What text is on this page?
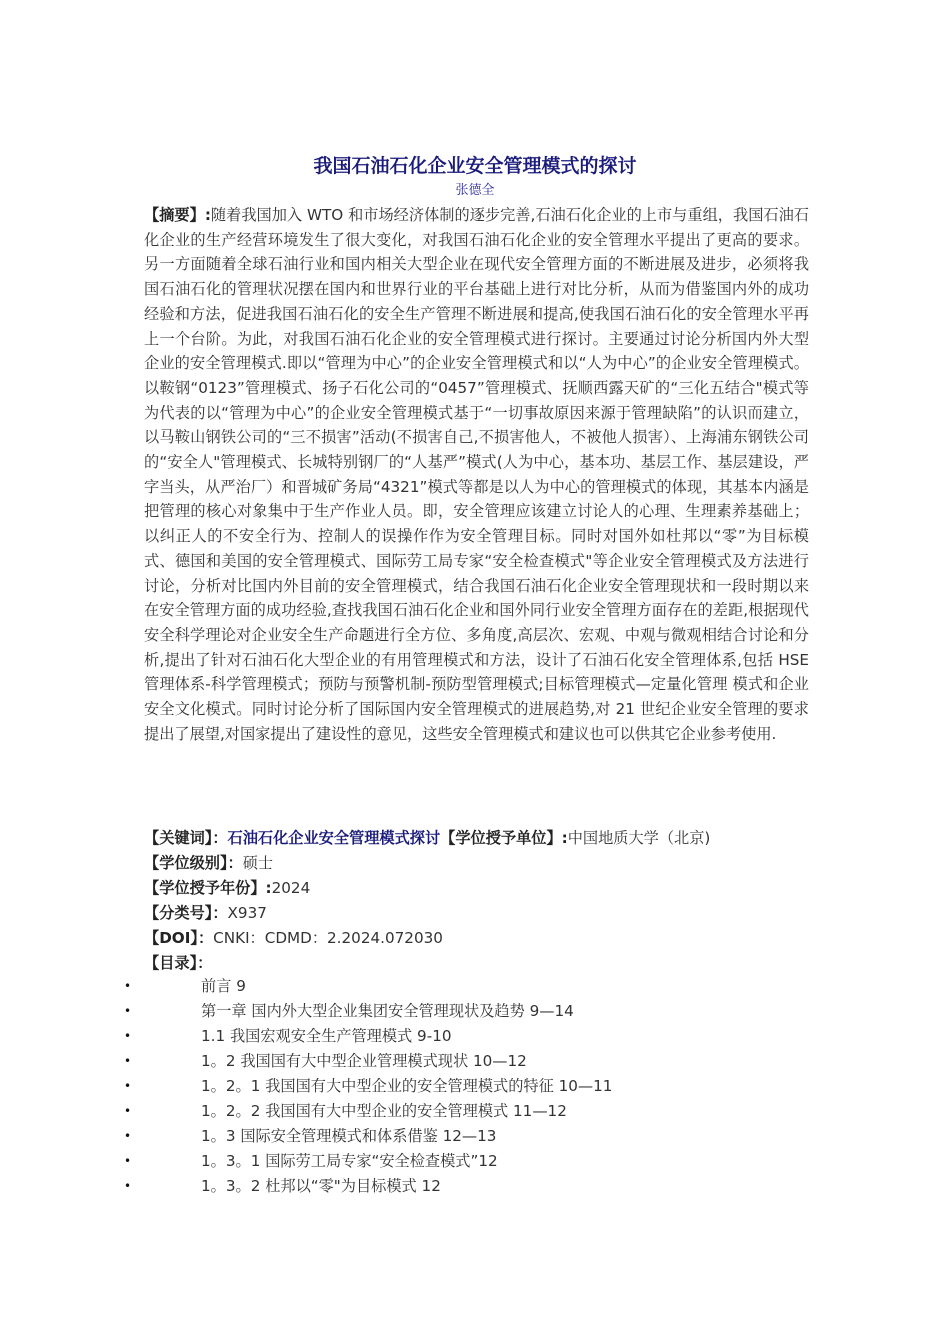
我国石油石化企业安全管理模式的探讨
张德全
【摘要】:随着我国加入 WTO 和市场经济体制的逐步完善,石油石化企业的上市与重组，我国石油石化企业的生产经营环境发生了很大变化，对我国石油石化企业的安全管理水平提出了更高的要求。另一方面随着全球石油行业和国内相关大型企业在现代安全管理方面的不断进展及进步，必须将我国石油石化的管理状况摆在国内和世界行业的平台基础上进行对比分析，从而为借鉴国内外的成功经验和方法，促进我国石油石化的安全生产管理不断进展和提高,使我国石油石化的安全管理水平再上一个台阶。为此，对我国石油石化企业的安全管理模式进行探讨。主要通过讨论分析国内外大型企业的安全管理模式.即以“管理为中心”的企业安全管理模式和以“人为中心”的企业安全管理模式。以鞍钢“0123”管理模式、扬子石化公司的“0457”管理模式、抚顺西露天矿的“三化五结合"模式等为代表的以“管理为中心”的企业安全管理模式基于“一切事故原因来源于管理缺陷”的认识而建立，以马鞍山钢铁公司的“三不损害”活动(不损害自己,不损害他人，不被他人损害）、上海浦东钢铁公司的“安全人"管理模式、长城特别钢厂的“人基严”模式(人为中心，基本功、基层工作、基层建设，严字当头，从严治厂）和晋城矿务局“4321”模式等都是以人为中心的管理模式的体现，其基本内涵是把管理的核心对象集中于生产作业人员。即，安全管理应该建立讨论人的心理、生理素养基础上；以纠正人的不安全行为、控制人的误操作作为安全管理目标。同时对国外如杜邦以“零”为目标模式、德国和美国的安全管理模式、国际劳工局专家“安全检查模式"等企业安全管理模式及方法进行讨论，分析对比国内外目前的安全管理模式，结合我国石油石化企业安全管理现状和一段时期以来在安全管理方面的成功经验,查找我国石油石化企业和国外同行业安全管理方面存在的差距,根据现代安全科学理论对企业安全生产命题进行全方位、多角度,高层次、宏观、中观与微观相结合讨论和分析,提出了针对石油石化大型企业的有用管理模式和方法，设计了石油石化安全管理体系,包括 HSE 管理体系-科学管理模式；预防与预警机制-预防型管理模式;目标管理模式—定量化管理 模式和企业安全文化模式。同时讨论分析了国际国内安全管理模式的进展趋势,对 21 世纪企业安全管理的要求提出了展望,对国家提出了建设性的意见，这些安全管理模式和建议也可以供其它企业参考使用.
【关键词】：石油石化企业安全管理模式探讨【学位授予单位】:中国地质大学（北京)
【学位级别】：硕士
【学位授予年份】:2024
【分类号】：X937
【DOI】：CNKI：CDMD：2.2024.072030
【目录】：
•	前言 9
•	第一章 国内外大型企业集团安全管理现状及趋势 9—14
•	1.1 我国宏观安全生产管理模式 9-10
•	1。2 我国国有大中型企业管理模式现状 10—12
•	1。2。1 我国国有大中型企业的安全管理模式的特征 10—11
•	1。2。2 我国国有大中型企业的安全管理模式 11—12
•	1。3 国际安全管理模式和体系借鉴 12—13
•	1。3。1 国际劳工局专家“安全检查模式”12
•	1。3。2 杜邦以“零"为目标模式 12
